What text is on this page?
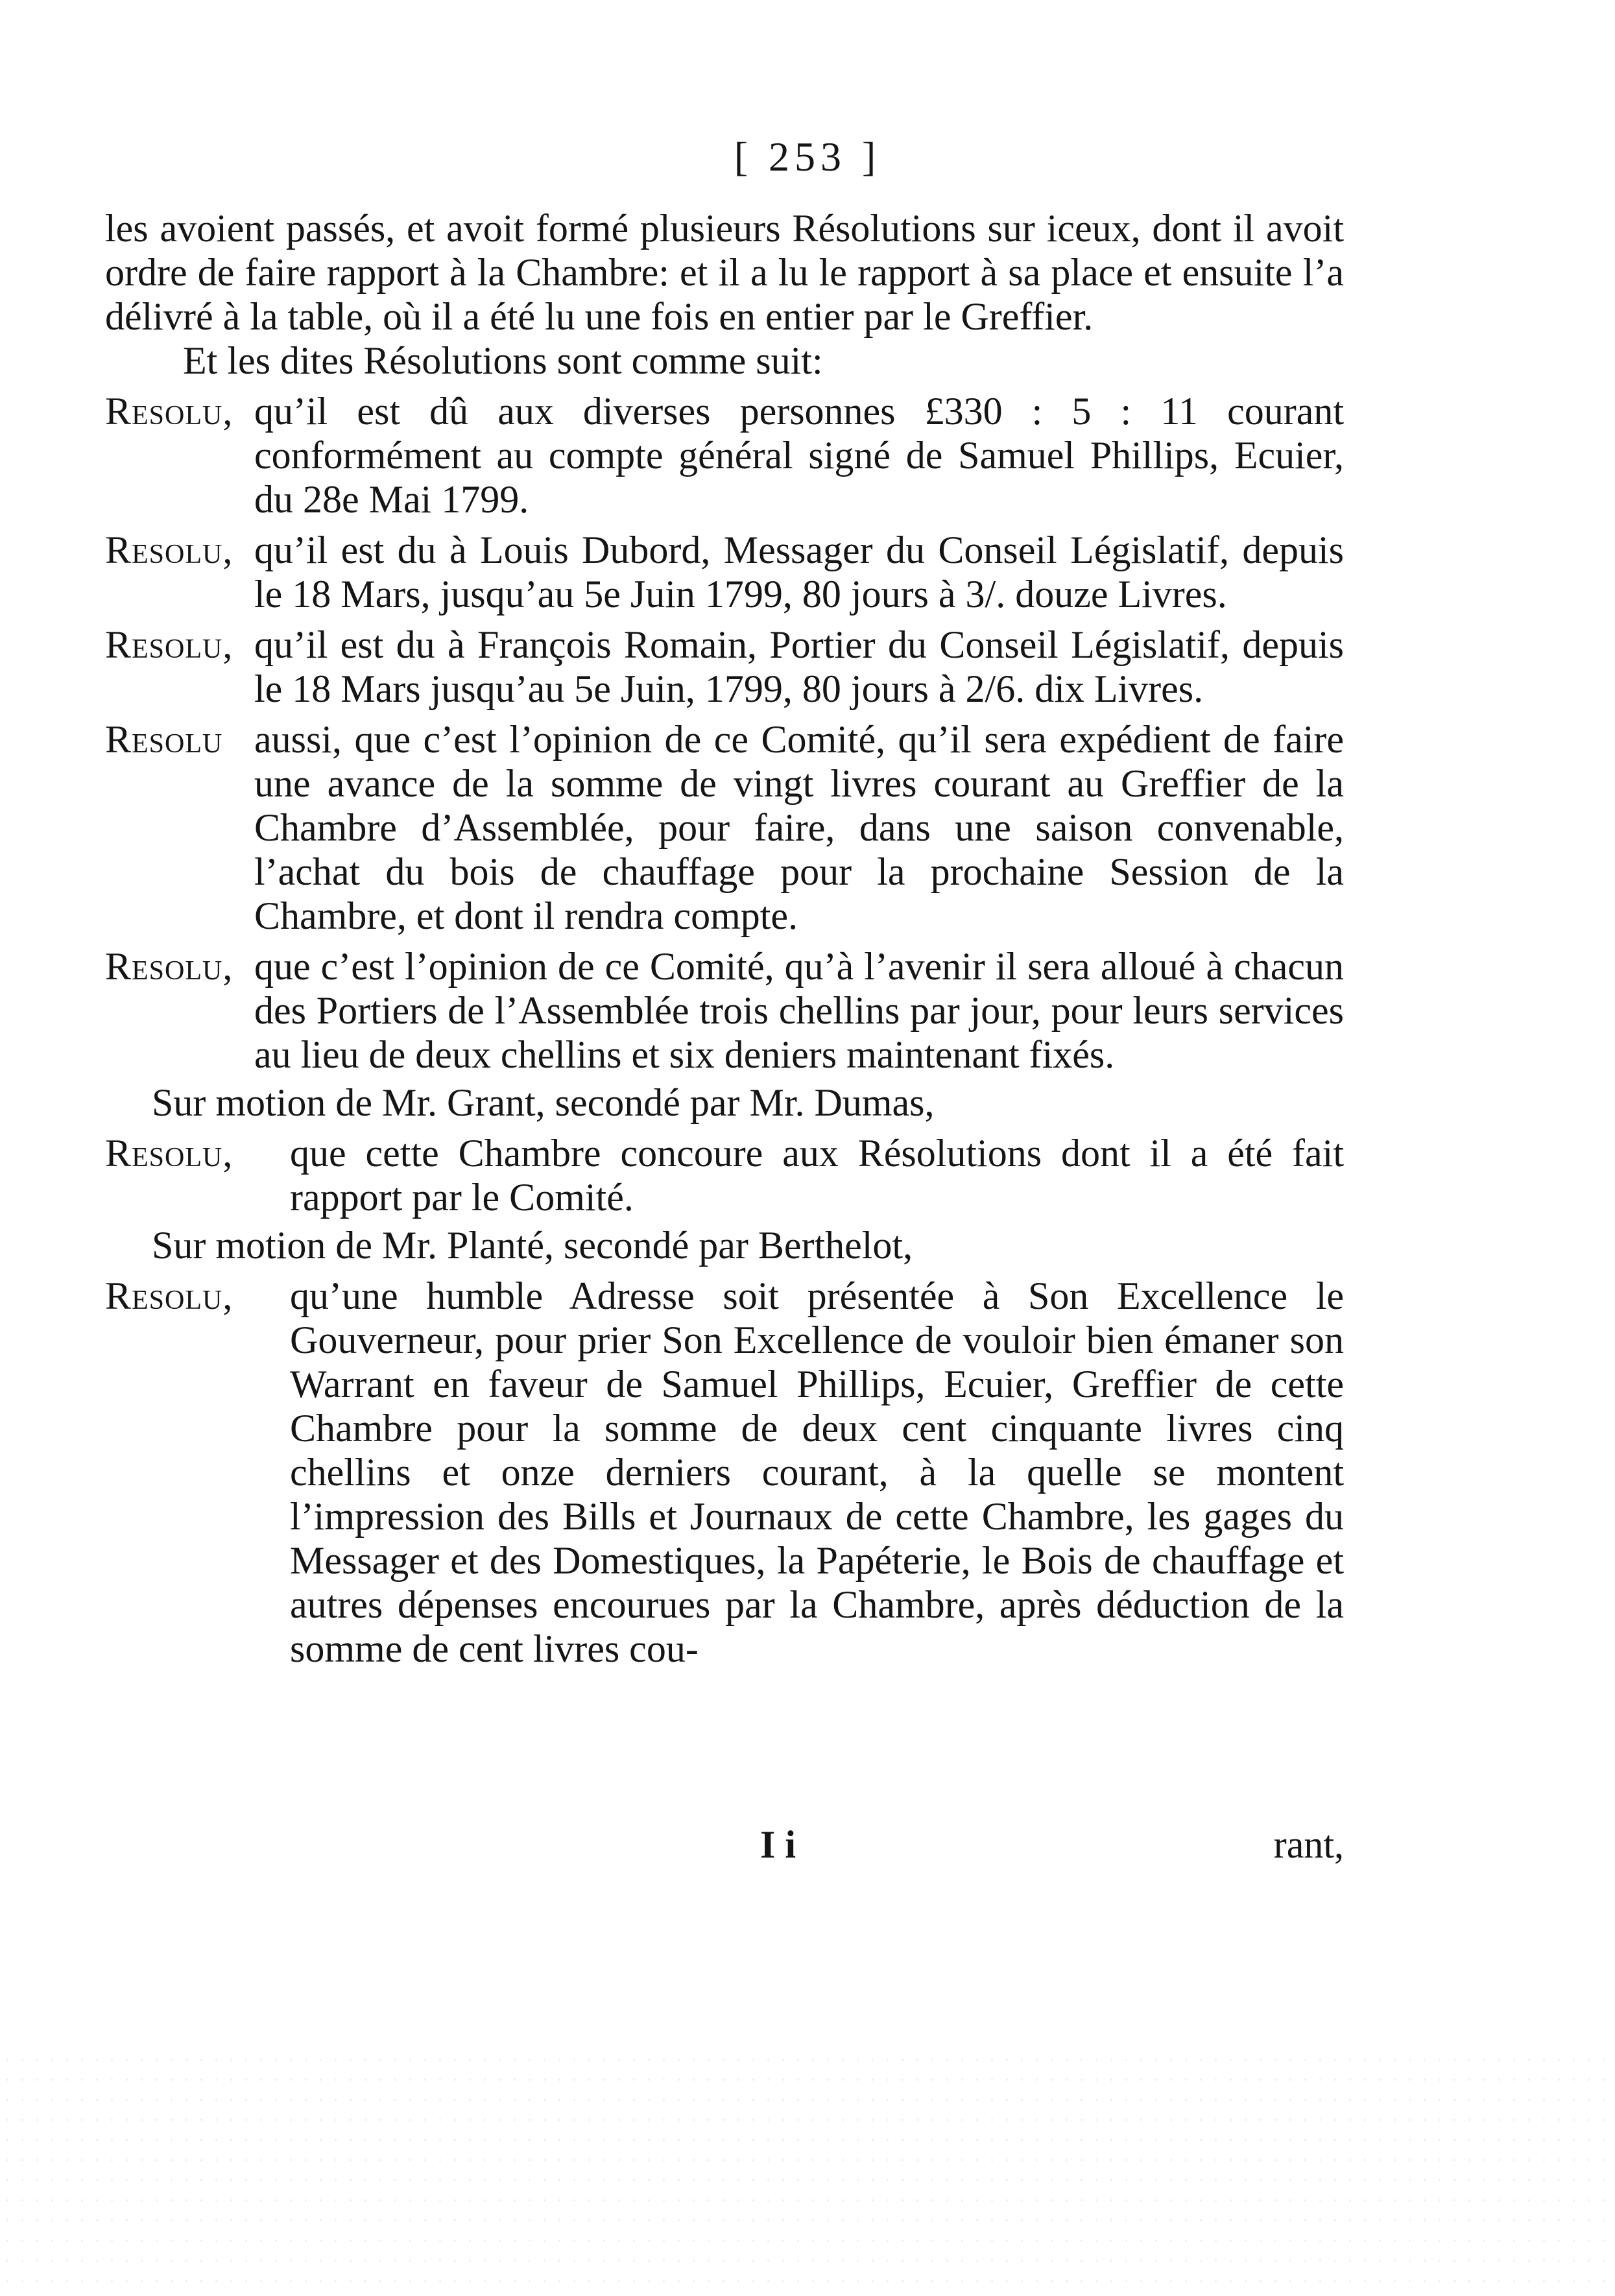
[ 253 ]

les avoient passés, et avoit formé plusieurs Résolutions sur iceux, dont il avoit ordre de faire rapport à la Chambre: et il a lu le rapport à sa place et ensuite l’a délivré à la table, où il a été lu une fois en entier par le Greffier.

Et les dites Résolutions sont comme suit:

Resolu, qu’il est dû aux diverses personnes £330 : 5 : 11 courant conformément au compte général signé de Samuel Phillips, Ecuier, du 28e Mai 1799.
Resolu, qu’il est du à Louis Dubord, Messager du Conseil Législatif, depuis le 18 Mars, jusqu’au 5e Juin 1799, 80 jours à 3/. douze Livres.
Resolu, qu’il est du à François Romain, Portier du Conseil Législatif, depuis le 18 Mars jusqu’au 5e Juin, 1799, 80 jours à 2/6. dix Livres.
Resolu aussi, que c’est l’opinion de ce Comité, qu’il sera expédient de faire une avance de la somme de vingt livres courant au Greffier de la Chambre d’Assemblée, pour faire, dans une saison convenable, l’achat du bois de chauffage pour la prochaine Session de la Chambre, et dont il rendra compte.
Resolu, que c’est l’opinion de ce Comité, qu’à l’avenir il sera alloué à chacun des Portiers de l’Assemblée trois chellins par jour, pour leurs services au lieu de deux chellins et six deniers maintenant fixés.

Sur motion de Mr. Grant, secondé par Mr. Dumas,

Resolu, que cette Chambre concoure aux Résolutions dont il a été fait rapport par le Comité.

Sur motion de Mr. Planté, secondé par Berthelot,

Resolu, qu’une humble Adresse soit présentée à Son Excellence le Gouverneur, pour prier Son Excellence de vouloir bien émaner son Warrant en faveur de Samuel Phillips, Ecuier, Greffier de cette Chambre pour la somme de deux cent cinquante livres cinq chellins et onze derniers courant, à la quelle se montent l’impression des Bills et Journaux de cette Chambre, les gages du Messager et des Domestiques, la Papéterie, le Bois de chauffage et autres dépenses encourues par la Chambre, après déduction de la somme de cent livres cou-
I i	rant,
